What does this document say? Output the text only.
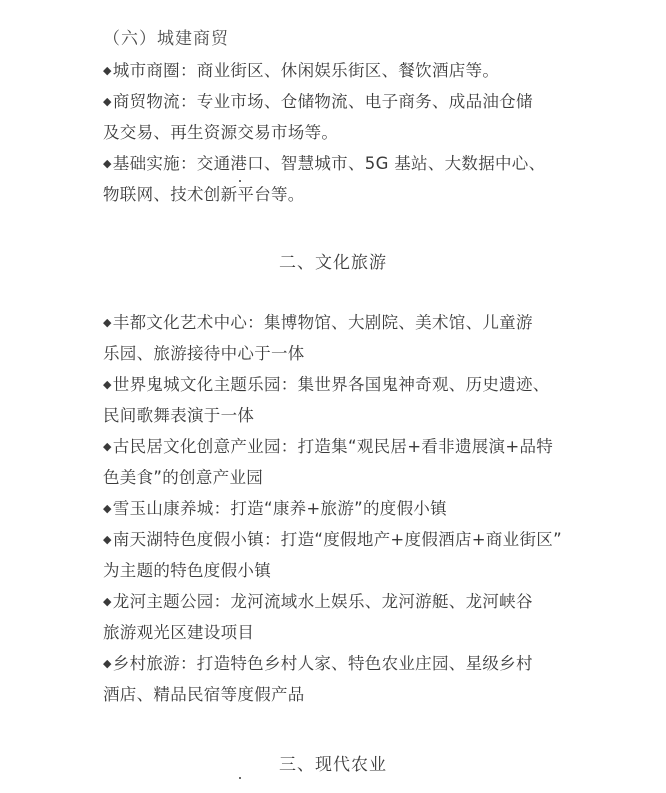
（六）城建商贸
◆城市商圈：商业街区、休闲娱乐街区、餐饮酒店等。
◆商贸物流：专业市场、仓储物流、电子商务、成品油仓储
及交易、再生资源交易市场等。
◆基础实施：交通港口、智慧城市、5G 基站、大数据中心、
物联网、技术创新平台等。
二、文化旅游
◆丰都文化艺术中心：集博物馆、大剧院、美术馆、儿童游
乐园、旅游接待中心于一体
◆世界鬼城文化主题乐园：集世界各国鬼神奇观、历史遗迹、
民间歌舞表演于一体
◆古民居文化创意产业园：打造集“观民居+看非遗展演+品特
色美食”的创意产业园
◆雪玉山康养城：打造“康养+旅游”的度假小镇
◆南天湖特色度假小镇：打造“度假地产+度假酒店+商业街区”
为主题的特色度假小镇
◆龙河主题公园：龙河流域水上娱乐、龙河游艇、龙河峡谷
旅游观光区建设项目
◆乡村旅游：打造特色乡村人家、特色农业庄园、星级乡村
酒店、精品民宿等度假产品
三、现代农业
